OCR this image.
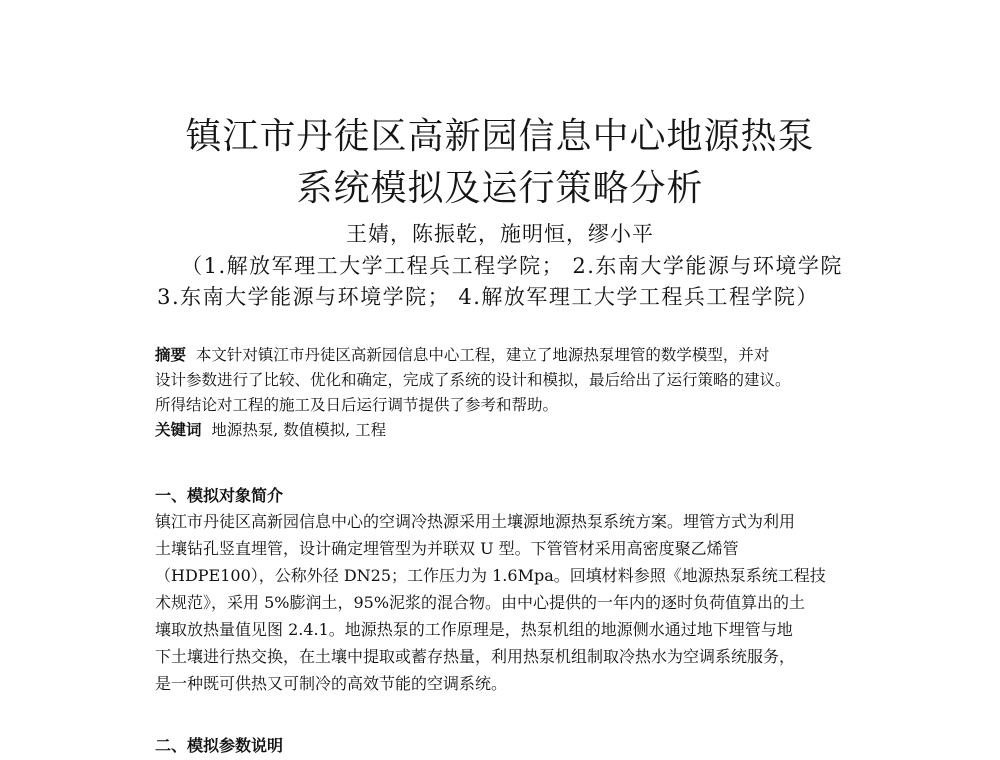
镇江市丹徒区高新园信息中心地源热泵
系统模拟及运行策略分析
王婧，陈振乾，施明恒，缪小平
（1.解放军理工大学工程兵工程学院； 2.东南大学能源与环境学院
3.东南大学能源与环境学院； 4.解放军理工大学工程兵工程学院）
摘要 本文针对镇江市丹徒区高新园信息中心工程，建立了地源热泵埋管的数学模型，并对
设计参数进行了比较、优化和确定，完成了系统的设计和模拟，最后给出了运行策略的建议。
所得结论对工程的施工及日后运行调节提供了参考和帮助。
关键词 地源热泵, 数值模拟, 工程
一、模拟对象简介
镇江市丹徒区高新园信息中心的空调冷热源采用土壤源地源热泵系统方案。埋管方式为利用
土壤钻孔竖直埋管，设计确定埋管型为并联双 U 型。下管管材采用高密度聚乙烯管
（HDPE100），公称外径 DN25；工作压力为 1.6Mpa。回填材料参照《地源热泵系统工程技
术规范》，采用 5%膨润土，95%泥浆的混合物。由中心提供的一年内的逐时负荷值算出的土
壤取放热量值见图 2.4.1。地源热泵的工作原理是，热泵机组的地源侧水通过地下埋管与地
下土壤进行热交换，在土壤中提取或蓄存热量，利用热泵机组制取冷热水为空调系统服务，
是一种既可供热又可制冷的高效节能的空调系统。
二、模拟参数说明
